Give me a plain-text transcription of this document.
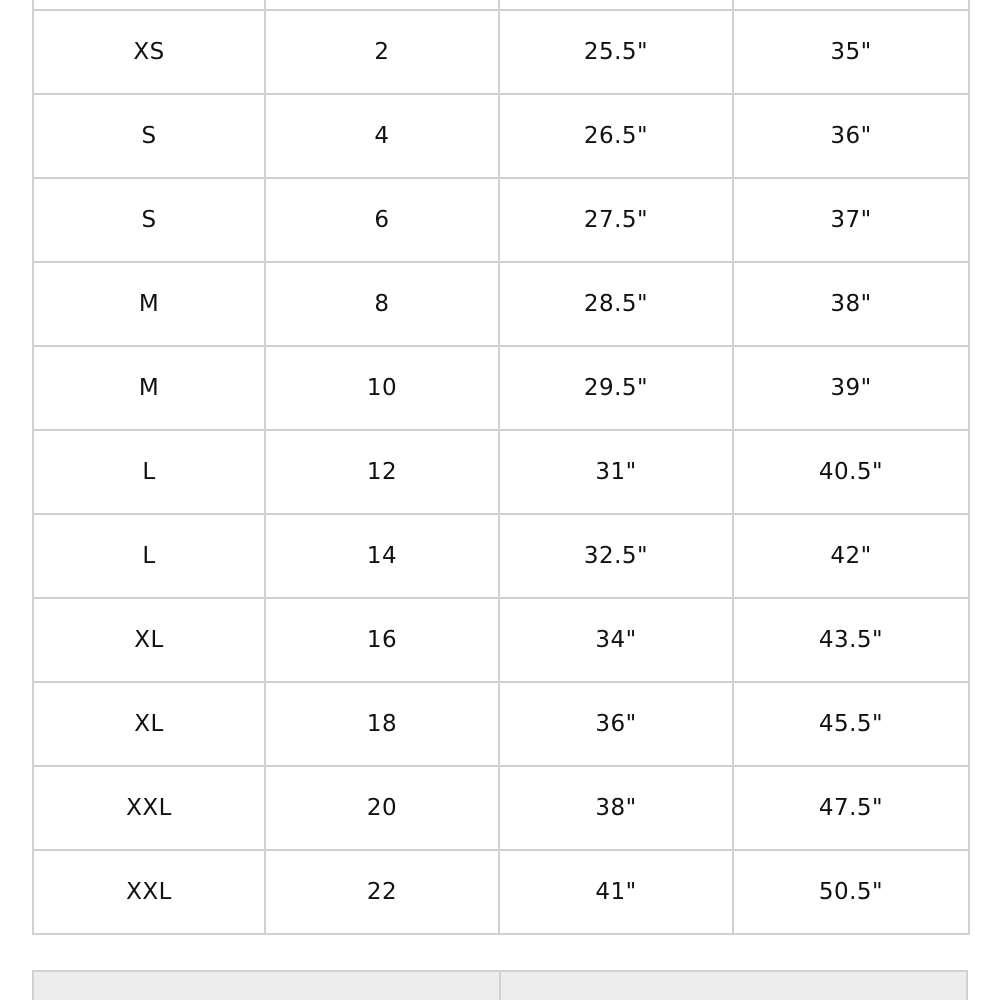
XS	2	25.5"	35"
S	4	26.5"	36"
S	6	27.5"	37"
M	8	28.5"	38"
M	10	29.5"	39"
L	12	31"	40.5"
L	14	32.5"	42"
XL	16	34"	43.5"
XL	18	36"	45.5"
XXL	20	38"	47.5"
XXL	22	41"	50.5"
